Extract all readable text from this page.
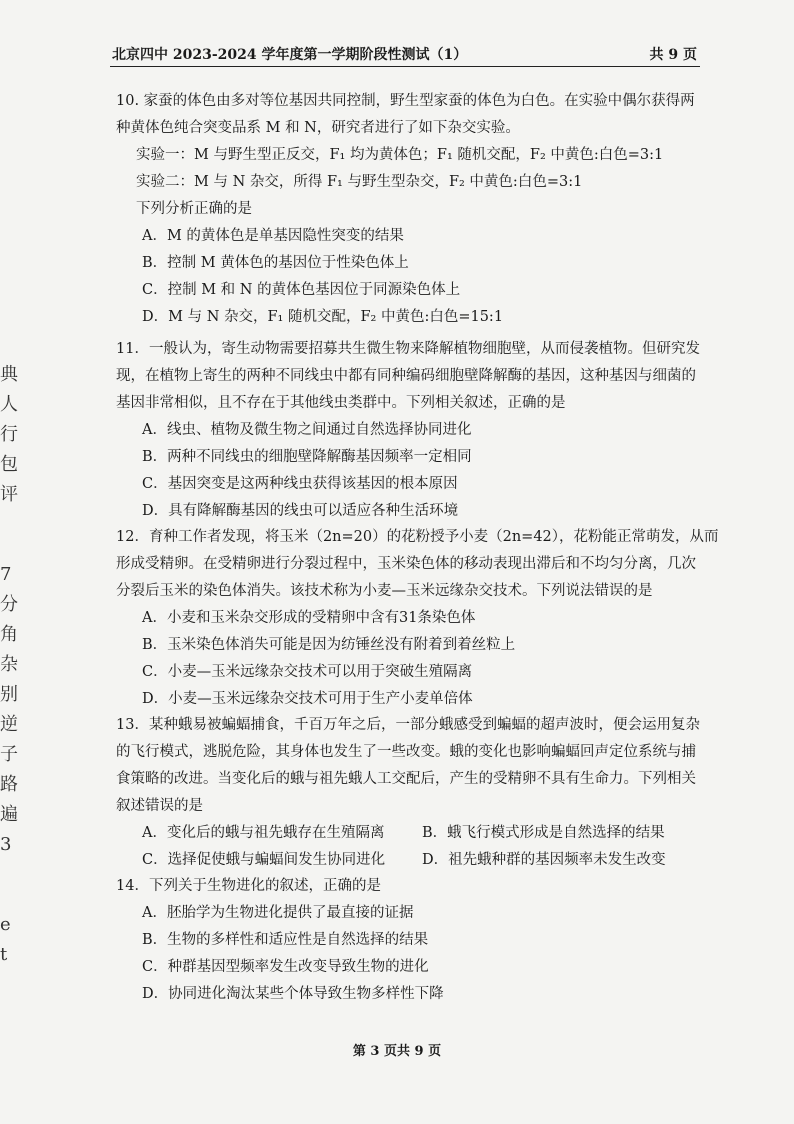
北京四中 2023-2024 学年度第一学期阶段性测试（1）	共 9 页
典
人
行
包
评
7
分
角
杂
别
逆
子
路
遍
3
e
t
10. 家蚕的体色由多对等位基因共同控制，野生型家蚕的体色为白色。在实验中偶尔获得两
种黄体色纯合突变品系 M 和 N，研究者进行了如下杂交实验。
实验一：M 与野生型正反交，F₁ 均为黄体色；F₁ 随机交配，F₂ 中黄色:白色=3:1
实验二：M 与 N 杂交，所得 F₁ 与野生型杂交，F₂ 中黄色:白色=3:1
下列分析正确的是
A．M 的黄体色是单基因隐性突变的结果
B．控制 M 黄体色的基因位于性染色体上
C．控制 M 和 N 的黄体色基因位于同源染色体上
D．M 与 N 杂交，F₁ 随机交配，F₂ 中黄色:白色=15:1
11．一般认为，寄生动物需要招募共生微生物来降解植物细胞壁，从而侵袭植物。但研究发
现，在植物上寄生的两种不同线虫中都有同种编码细胞壁降解酶的基因，这种基因与细菌的
基因非常相似，且不存在于其他线虫类群中。下列相关叙述，正确的是
A．线虫、植物及微生物之间通过自然选择协同进化
B．两种不同线虫的细胞壁降解酶基因频率一定相同
C．基因突变是这两种线虫获得该基因的根本原因
D．具有降解酶基因的线虫可以适应各种生活环境
12．育种工作者发现，将玉米（2n=20）的花粉授予小麦（2n=42），花粉能正常萌发，从而
形成受精卵。在受精卵进行分裂过程中，玉米染色体的移动表现出滞后和不均匀分离，几次
分裂后玉米的染色体消失。该技术称为小麦—玉米远缘杂交技术。下列说法错误的是
A．小麦和玉米杂交形成的受精卵中含有31条染色体
B．玉米染色体消失可能是因为纺锤丝没有附着到着丝粒上
C．小麦—玉米远缘杂交技术可以用于突破生殖隔离
D．小麦—玉米远缘杂交技术可用于生产小麦单倍体
13．某种蛾易被蝙蝠捕食，千百万年之后，一部分蛾感受到蝙蝠的超声波时，便会运用复杂
的飞行模式，逃脱危险，其身体也发生了一些改变。蛾的变化也影响蝙蝠回声定位系统与捕
食策略的改进。当变化后的蛾与祖先蛾人工交配后，产生的受精卵不具有生命力。下列相关
叙述错误的是
A．变化后的蛾与祖先蛾存在生殖隔离	B．蛾飞行模式形成是自然选择的结果
C．选择促使蛾与蝙蝠间发生协同进化	D．祖先蛾种群的基因频率未发生改变
14．下列关于生物进化的叙述，正确的是
A．胚胎学为生物进化提供了最直接的证据
B．生物的多样性和适应性是自然选择的结果
C．种群基因型频率发生改变导致生物的进化
D．协同进化淘汰某些个体导致生物多样性下降
第 3 页共 9 页
